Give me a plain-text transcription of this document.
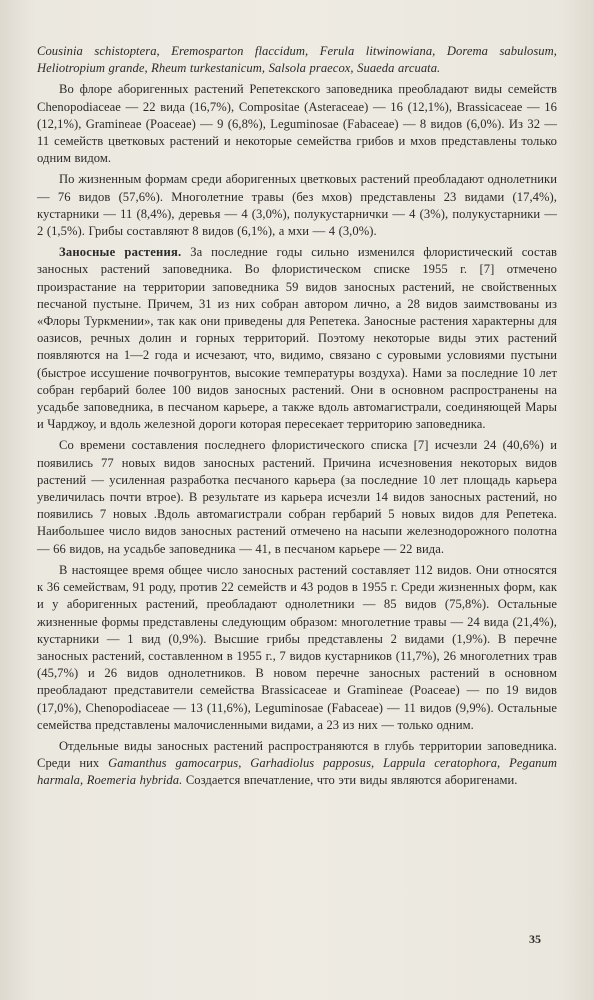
Cousinia schistoptera, Eremosparton flaccidum, Ferula litwinowiana, Dorema sabulosum, Heliotropium grande, Rheum turkestanicum, Salsola praecox, Suaeda arcuata.

Во флоре аборигенных растений Репетекского заповедника преобладают виды семейств Chenopodiaceae — 22 вида (16,7%), Compositae (Asteraceae) — 16 (12,1%), Brassicaceae — 16 (12,1%), Gramineae (Poaceae) — 9 (6,8%), Leguminosae (Fabaceae) — 8 видов (6,0%). Из 32 — 11 семейств цветковых растений и некоторые семейства грибов и мхов представлены только одним видом.

По жизненным формам среди аборигенных цветковых растений преобладают однолетники — 76 видов (57,6%). Многолетние травы (без мхов) представлены 23 видами (17,4%), кустарники — 11 (8,4%), деревья — 4 (3,0%), полукустарнички — 4 (3%), полукустарники — 2 (1,5%). Грибы составляют 8 видов (6,1%), а мхи — 4 (3,0%).

Заносные растения. За последние годы сильно изменился флористический состав заносных растений заповедника. Во флористическом списке 1955 г. [7] отмечено произрастание на территории заповедника 59 видов заносных растений, не свойственных песчаной пустыне. Причем, 31 из них собран автором лично, а 28 видов заимствованы из «Флоры Туркмении», так как они приведены для Репетека. Заносные растения характерны для оазисов, речных долин и горных территорий. Поэтому некоторые виды этих растений появляются на 1—2 года и исчезают, что, видимо, связано с суровыми условиями пустыни (быстрое иссушение почвогрунтов, высокие температуры воздуха). Нами за последние 10 лет собран гербарий более 100 видов заносных растений. Они в основном распространены на усадьбе заповедника, в песчаном карьере, а также вдоль автомагистрали, соединяющей Мары и Чарджоу, и вдоль железной дороги которая пересекает территорию заповедника.

Со времени составления последнего флористического списка [7] исчезли 24 (40,6%) и появились 77 новых видов заносных растений. Причина исчезновения некоторых видов растений — усиленная разработка песчаного карьера (за последние 10 лет площадь карьера увеличилась почти втрое). В результате из карьера исчезли 14 видов заносных растений, но появились 7 новых .Вдоль автомагистрали собран гербарий 5 новых видов для Репетека. Наибольшее число видов заносных растений отмечено на насыпи железнодорожного полотна — 66 видов, на усадьбе заповедника — 41, в песчаном карьере — 22 вида.

В настоящее время общее число заносных растений составляет 112 видов. Они относятся к 36 семействам, 91 роду, против 22 семейств и 43 родов в 1955 г. Среди жизненных форм, как и у аборигенных растений, преобладают однолетники — 85 видов (75,8%). Остальные жизненные формы представлены следующим образом: многолетние травы — 24 вида (21,4%), кустарники — 1 вид (0,9%). Высшие грибы представлены 2 видами (1,9%). В перечне заносных растений, составленном в 1955 г., 7 видов кустарников (11,7%), 26 многолетних трав (45,7%) и 26 видов однолетников. В новом перечне заносных растений в основном преобладают представители семейства Brassicaceae и Gramineae (Poaceae) — по 19 видов (17,0%), Chenopodiaceae — 13 (11,6%), Leguminosae (Fabaceae) — 11 видов (9,9%). Остальные семейства представлены малочисленными видами, а 23 из них — только одним.

Отдельные виды заносных растений распространяются в глубь территории заповедника. Среди них Gamanthus gamocarpus, Garhadiolus papposus, Lappula ceratophora, Peganum harmala, Roemeria hybrida. Создается впечатление, что эти виды являются аборигенами.

35
